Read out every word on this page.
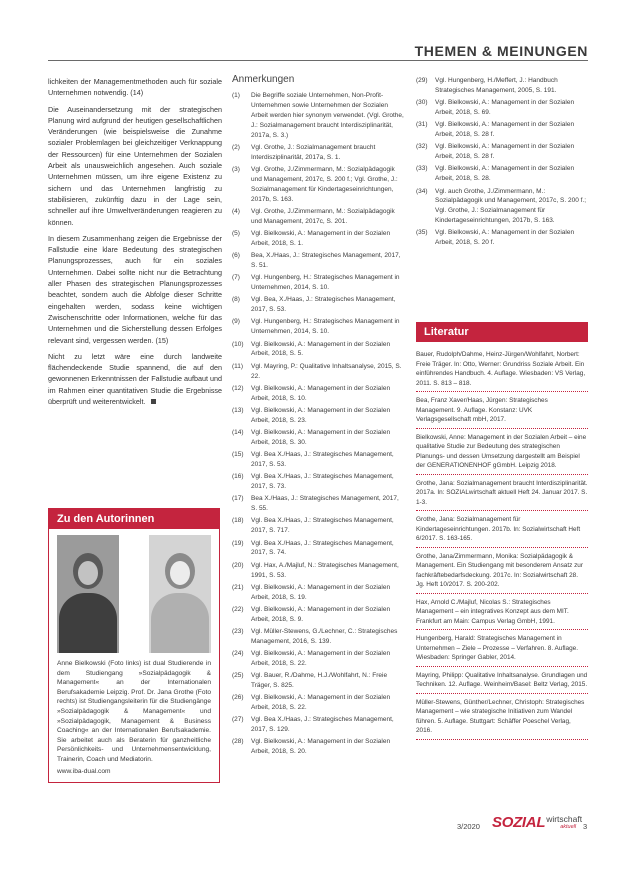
THEMEN & MEINUNGEN

lichkeiten der Managementmethoden auch für soziale Unternehmen notwendig. (14)

Die Auseinandersetzung mit der strategischen Planung wird aufgrund der heutigen gesellschaftlichen Veränderungen (wie beispielsweise die Zunahme sozialer Problemlagen bei gleichzeitiger Verknappung der Ressourcen) für eine Unternehmen der Sozialen Arbeit als unausweichlich angesehen. Auch soziale Unternehmen müssen, um ihre eigene Existenz zu sichern und das Unternehmen langfristig zu stabilisieren, zukünftig dazu in der Lage sein, schneller auf ihre Umweltveränderungen reagieren zu können.

In diesem Zusammenhang zeigen die Ergebnisse der Fallstudie eine klare Bedeutung des strategischen Planungsprozesses, auch für ein soziales Unternehmen. Dabei sollte nicht nur die Betrachtung aller Phasen des strategischen Planungsprozesses beachtet, sondern auch die Abfolge dieser Schritte eingehalten werden, sodass keine wichtigen Zwischenschritte oder Informationen, welche für das Unternehmen und die Sicherstellung dessen Erfolges relevant sind, vergessen werden. (15)

Nicht zu letzt wäre eine durch landweite flächendeckende Studie spannend, die auf den gewonnenen Erkenntnissen der Fallstudie aufbaut und im Rahmen einer quantitativen Studie die Ergebnisse überprüft und weiterentwickelt.

Zu den Autorinnen
Anne Bielkowski (Foto links) ist dual Studierende in dem Studiengang »Sozialpädagogik & Management« an der Internationalen Berufsakademie Leipzig. Prof. Dr. Jana Grothe (Foto rechts) ist Studiengangsleiterin für die Studiengänge »Sozialpädagogik & Management« und »Sozialpädagogik, Management & Business Coaching« an der Internationalen Berufsakademie. Sie arbeitet auch als Beraterin für ganzheitliche Persönlichkeits- und Unternehmensentwicklung, Trainerin, Coach und Mediatorin.
www.iba-dual.com
Anmerkungen
(1)	Die Begriffe soziale Unternehmen, Non-Profit-Unternehmen sowie Unternehmen der Sozialen Arbeit werden hier synonym verwendet. (Vgl. Grothe, J.: Sozialmanagement braucht Interdisziplinarität, 2017a, S. 3.)
(2)	Vgl. Grothe, J.: Sozialmanagement braucht Interdisziplinarität, 2017a, S. 1.
(3)	Vgl. Grothe, J./Zimmermann, M.: Sozialpädagogik und Management, 2017c, S. 200 f.; Vgl. Grothe, J.: Sozialmanagement für Kindertageseinrichtungen, 2017b, S. 163.
(4)	Vgl. Grothe, J./Zimmermann, M.: Sozialpädagogik und Management, 2017c, S. 201.
(5)	Vgl. Bielkowski, A.: Management in der Sozialen Arbeit, 2018, S. 1.
(6)	Bea, X./Haas, J.: Strategisches Management, 2017, S. 51.
(7)	Vgl. Hungenberg, H.: Strategisches Management in Unternehmen, 2014, S. 10.
(8)	Vgl. Bea, X./Haas, J.: Strategisches Management, 2017, S. 53.
(9)	Vgl. Hungenberg, H.: Strategisches Management in Unternehmen, 2014, S. 10.
(10)	Vgl. Bielkowski, A.: Management in der Sozialen Arbeit, 2018, S. 5.
(11)	Vgl. Mayring, P.: Qualitative Inhaltsanalyse, 2015, S. 22.
(12)	Vgl. Bielkowski, A.: Management in der Sozialen Arbeit, 2018, S. 10.
(13)	Vgl. Bielkowski, A.: Management in der Sozialen Arbeit, 2018, S. 23.
(14)	Vgl. Bielkowski, A.: Management in der Sozialen Arbeit, 2018, S. 30.
(15)	Vgl. Bea X./Haas, J.: Strategisches Management, 2017, S. 53.
(16)	Vgl. Bea X./Haas, J.: Strategisches Management, 2017, S. 73.
(17)	Bea X./Haas, J.: Strategisches Management, 2017, S. 55.
(18)	Vgl. Bea X./Haas, J.: Strategisches Management, 2017, S. 717.
(19)	Vgl. Bea X./Haas, J.: Strategisches Management, 2017, S. 74.
(20)	Vgl. Hax, A./Majluf, N.: Strategisches Management, 1991, S. 53.
(21)	Vgl. Bielkowski, A.: Management in der Sozialen Arbeit, 2018, S. 19.
(22)	Vgl. Bielkowski, A.: Management in der Sozialen Arbeit, 2018, S. 9.
(23)	Vgl. Müller-Stewens, G./Lechner, C.: Strategisches Management, 2016, S. 139.
(24)	Vgl. Bielkowski, A.: Management in der Sozialen Arbeit, 2018, S. 22.
(25)	Vgl. Bauer, R./Dahme, H.J./Wohlfahrt, N.: Freie Träger, S. 825.
(26)	Vgl. Bielkowski, A.: Management in der Sozialen Arbeit, 2018, S. 22.
(27)	Vgl. Bea X./Haas, J.: Strategisches Management, 2017, S. 129.
(28)	Vgl. Bielkowski, A.: Management in der Sozialen Arbeit, 2018, S. 20.
(29)	Vgl. Hungenberg, H./Meffert, J.: Handbuch Strategisches Management, 2005, S. 191.
(30)	Vgl. Bielkowski, A.: Management in der Sozialen Arbeit, 2018, S. 69.
(31)	Vgl. Bielkowski, A.: Management in der Sozialen Arbeit, 2018, S. 28 f.
(32)	Vgl. Bielkowski, A.: Management in der Sozialen Arbeit, 2018, S. 28 f.
(33)	Vgl. Bielkowski, A.: Management in der Sozialen Arbeit, 2018, S. 28.
(34)	Vgl. auch Grothe, J./Zimmermann, M.: Sozialpädagogik und Management, 2017c, S. 200 f.; Vgl. Grothe, J.: Sozialmanagement für Kindertageseinrichtungen, 2017b, S. 163.
(35)	Vgl. Bielkowski, A.: Management in der Sozialen Arbeit, 2018, S. 20 f.
Literatur
Bauer, Rudolph/Dahme, Heinz-Jürgen/Wohlfahrt, Norbert: Freie Träger. In: Otto, Werner: Grundriss Soziale Arbeit. Ein einführendes Handbuch. 4. Auflage. Wiesbaden: VS Verlag, 2011. S. 813 – 818.
Bea, Franz Xaver/Haas, Jürgen: Strategisches Management. 9. Auflage. Konstanz: UVK Verlagsgesellschaft mbH, 2017.
Bielkowski, Anne: Management in der Sozialen Arbeit – eine qualitative Studie zur Bedeutung des strategischen Planungs- und dessen Umsetzung dargestellt am Beispiel der GENERATIONENHOF gGmbH. Leipzig 2018.
Grothe, Jana: Sozialmanagement braucht Interdisziplinarität. 2017a. In: SOZIALwirtschaft aktuell Heft 24. Januar 2017. S. 1-3.
Grothe, Jana: Sozialmanagement für Kindertageseinrichtungen. 2017b. In: Sozialwirtschaft Heft 6/2017. S. 163-165.
Grothe, Jana/Zimmermann, Monika: Sozialpädagogik & Management. Ein Studiengang mit besonderem Ansatz zur fachkräftebedarfsdeckung. 2017c. In: Sozialwirtschaft 28. Jg. Heft 10/2017. S. 200-202.
Hax, Arnold C./Majluf, Nicolas S.: Strategisches Management – ein integratives Konzept aus dem MIT. Frankfurt am Main: Campus Verlag GmbH, 1991.
Hungenberg, Harald: Strategisches Management in Unternehmen – Ziele – Prozesse – Verfahren. 8. Auflage. Wiesbaden: Springer Gabler, 2014.
Mayring, Philipp: Qualitative Inhaltsanalyse. Grundlagen und Techniken. 12. Auflage. Weinheim/Basel: Beltz Verlag, 2015.
Müller-Stewens, Günther/Lechner, Christoph: Strategisches Management – wie strategische Initiativen zum Wandel führen. 5. Auflage. Stuttgart: Schäffer Poeschel Verlag, 2016.
3/2020 SOZIAL wirtschaft
aktuell 3
